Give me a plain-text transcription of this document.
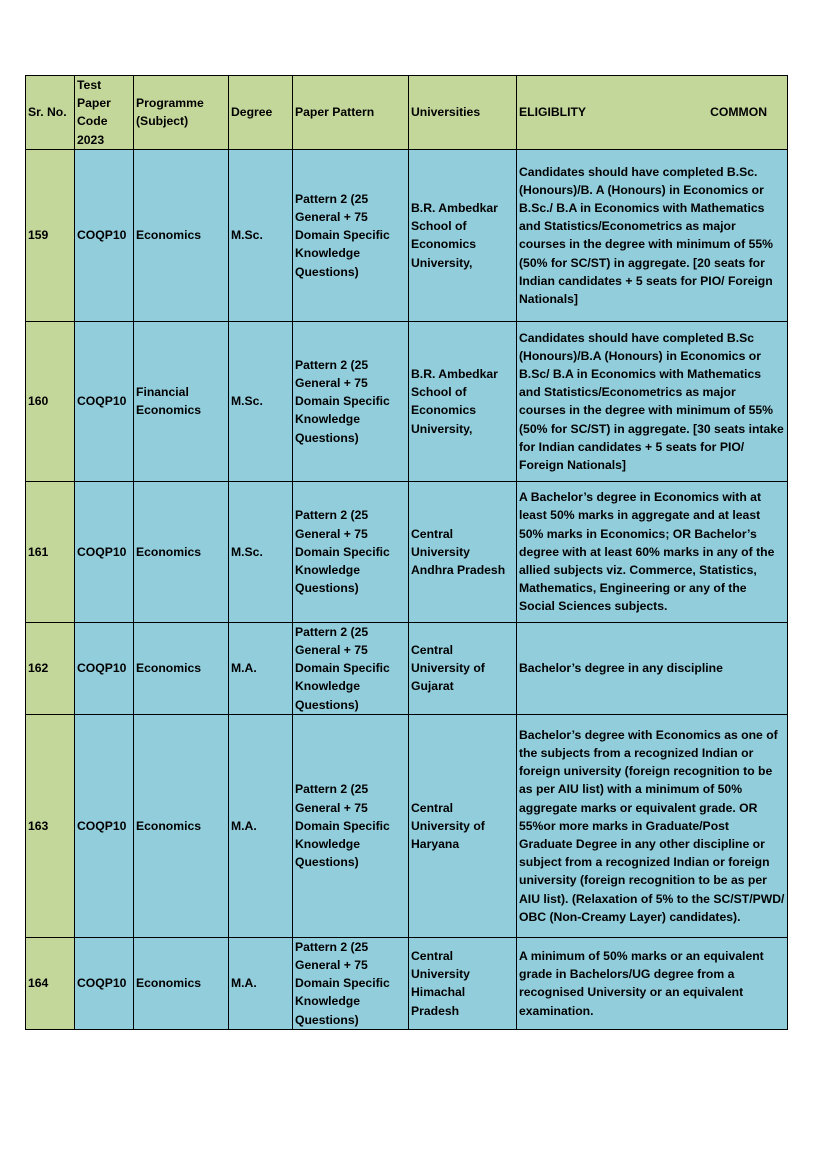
Sr. No.	Test Paper Code 2023	Programme (Subject)	Degree	Paper Pattern	Universities	ELIGIBLITY COMMON

159	COQP10	Economics	M.Sc.	Pattern 2 (25 General + 75 Domain Specific Knowledge Questions)	B.R. Ambedkar School of Economics University,	Candidates should have completed B.Sc. (Honours)/B. A (Honours) in Economics or B.Sc./ B.A in Economics with Mathematics and Statistics/Econometrics as major courses in the degree with minimum of 55% (50% for SC/ST) in aggregate. [20 seats for Indian candidates + 5 seats for PIO/ Foreign Nationals]
160	COQP10	Financial Economics	M.Sc.	Pattern 2 (25 General + 75 Domain Specific Knowledge Questions)	B.R. Ambedkar School of Economics University,	Candidates should have completed B.Sc (Honours)/B.A (Honours) in Economics or B.Sc/ B.A in Economics with Mathematics and Statistics/Econometrics as major courses in the degree with minimum of 55% (50% for SC/ST) in aggregate. [30 seats intake for Indian candidates + 5 seats for PIO/ Foreign Nationals]
161	COQP10	Economics	M.Sc.	Pattern 2 (25 General + 75 Domain Specific Knowledge Questions)	Central University Andhra Pradesh	A Bachelor’s degree in Economics with at least 50% marks in aggregate and at least 50% marks in Economics; OR Bachelor’s degree with at least 60% marks in any of the allied subjects viz. Commerce, Statistics, Mathematics, Engineering or any of the Social Sciences subjects.
162	COQP10	Economics	M.A.	Pattern 2 (25 General + 75 Domain Specific Knowledge Questions)	Central University of Gujarat	Bachelor’s degree in any discipline
163	COQP10	Economics	M.A.	Pattern 2 (25 General + 75 Domain Specific Knowledge Questions)	Central University of Haryana	Bachelor’s degree with Economics as one of the subjects from a recognized Indian or foreign university (foreign recognition to be as per AIU list) with a minimum of 50% aggregate marks or equivalent grade. OR 55%or more marks in Graduate/Post Graduate Degree in any other discipline or subject from a recognized Indian or foreign university (foreign recognition to be as per AIU list). (Relaxation of 5% to the SC/ST/PWD/ OBC (Non-Creamy Layer) candidates).
164	COQP10	Economics	M.A.	Pattern 2 (25 General + 75 Domain Specific Knowledge Questions)	Central University Himachal Pradesh	A minimum of 50% marks or an equivalent grade in Bachelors/UG degree from a recognised University or an equivalent examination.
